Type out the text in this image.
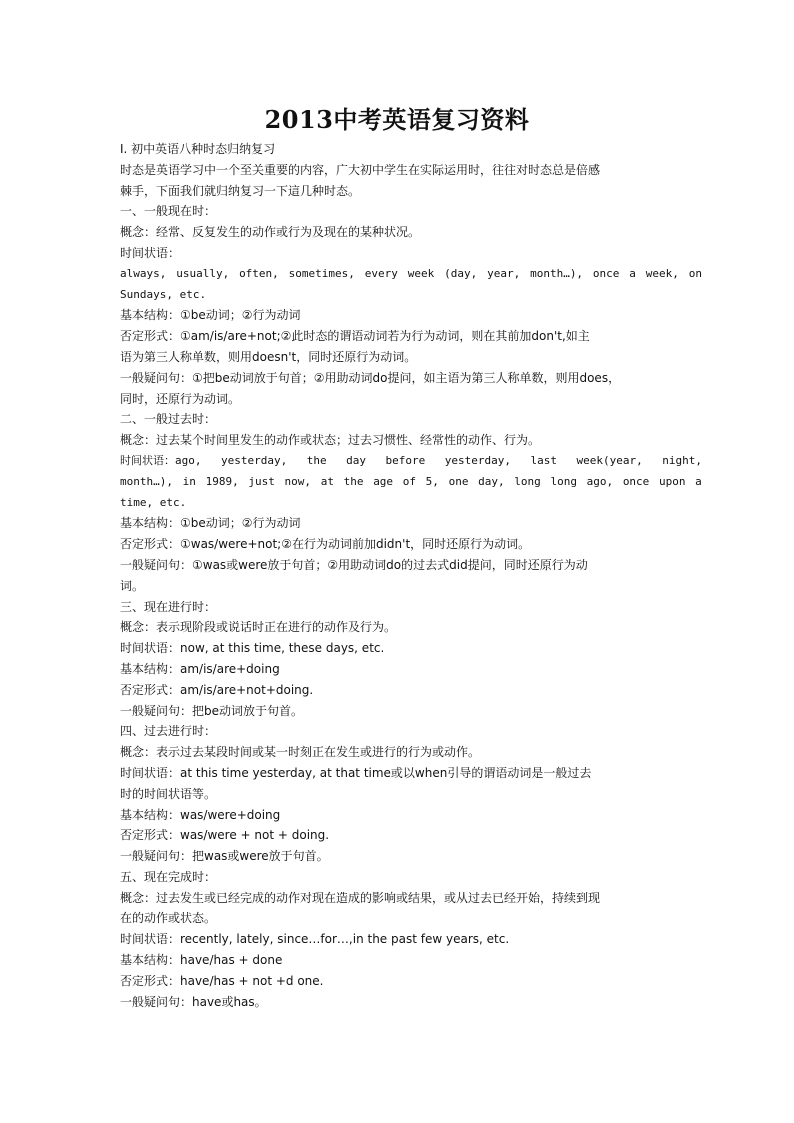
2013中考英语复习资料
Ⅰ. 初中英语八种时态归纳复习
时态是英语学习中一个至关重要的内容，广大初中学生在实际运用时，往往对时态总是倍感
棘手，下面我们就归纳复习一下這几种时态。
一、一般现在时：
概念：经常、反复发生的动作或行为及现在的某种状况。
时间状语：
always, usually, often, sometimes, every week (day, year, month…), once a week, on
Sundays, etc.
基本结构：①be动词；②行为动词
否定形式：①am/is/are+not;②此时态的谓语动词若为行为动词，则在其前加don't,如主
语为第三人称单数，则用doesn't，同时还原行为动词。
一般疑问句：①把be动词放于句首；②用助动词do提问，如主语为第三人称单数，则用does，
同时，还原行为动词。
二、一般过去时：
概念：过去某个时间里发生的动作或状态；过去习惯性、经常性的动作、行为。
时间状语：ago, yesterday, the day before yesterday, last week(year, night,
month…), in 1989, just now, at the age of 5, one day, long long ago, once upon a
time, etc.
基本结构：①be动词；②行为动词
否定形式：①was/were+not;②在行为动词前加didn't，同时还原行为动词。
一般疑问句：①was或were放于句首；②用助动词do的过去式did提问，同时还原行为动
词。
三、现在进行时：
概念：表示现阶段或说话时正在进行的动作及行为。
时间状语：now, at this time, these days, etc.
基本结构：am/is/are+doing
否定形式：am/is/are+not+doing.
一般疑问句：把be动词放于句首。
四、过去进行时：
概念：表示过去某段时间或某一时刻正在发生或进行的行为或动作。
时间状语：at this time yesterday, at that time或以when引导的谓语动词是一般过去
时的时间状语等。
基本结构：was/were+doing
否定形式：was/were + not + doing.
一般疑问句：把was或were放于句首。
五、现在完成时：
概念：过去发生或已经完成的动作对现在造成的影响或结果，或从过去已经开始，持续到现
在的动作或状态。
时间状语：recently, lately, since…for…,in the past few years, etc.
基本结构：have/has + done
否定形式：have/has + not +d one.
一般疑问句：have或has。
